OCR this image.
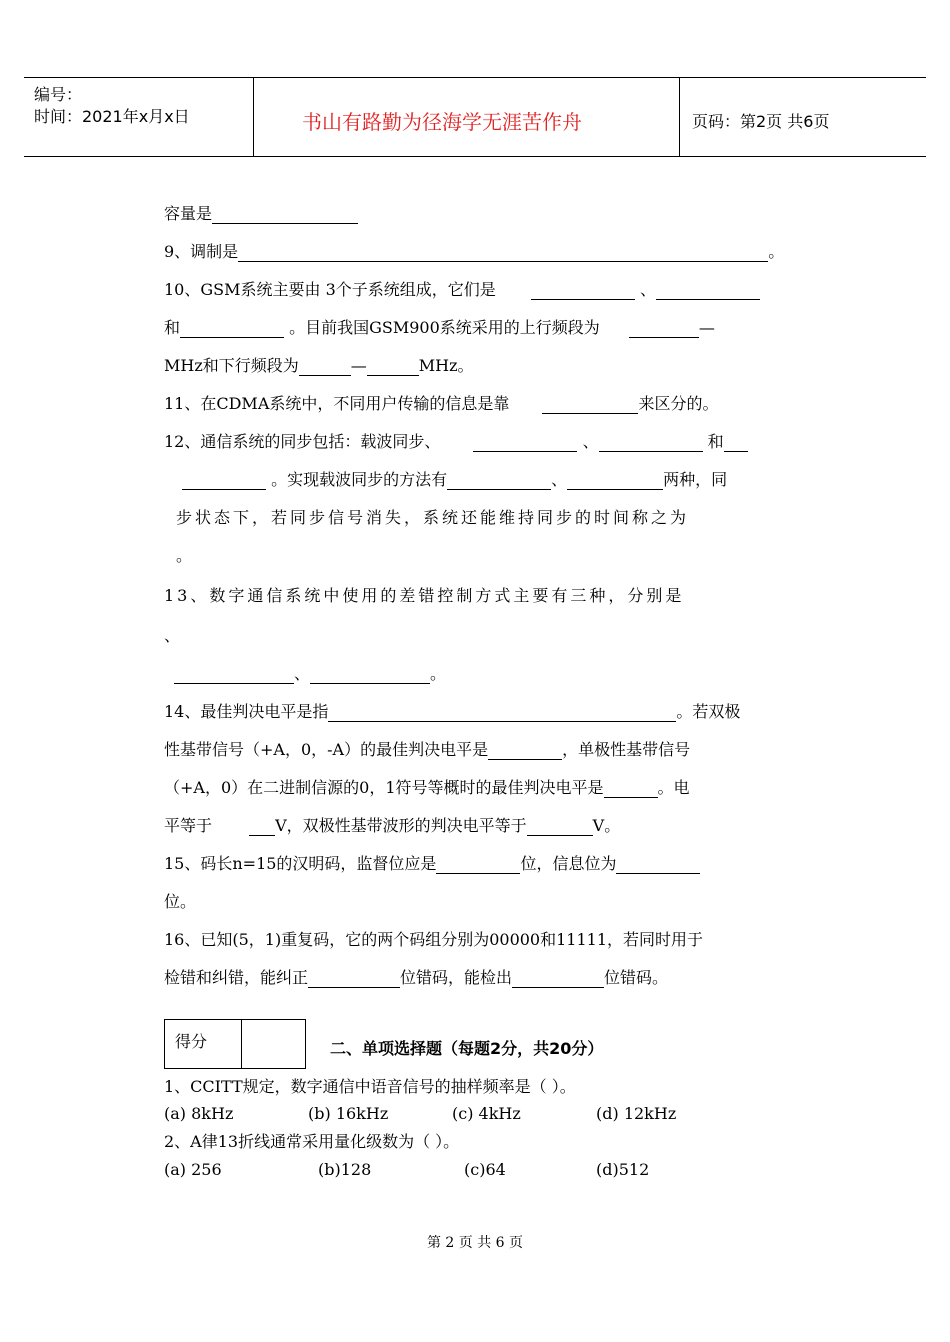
编号：
时间：2021年x月x日	书山有路勤为径海学无涯苦作舟	页码：第2页 共6页
容量是
9、调制是	。
10、GSM系统主要由 3个子系统组成，它们是	、
和	。目前我国GSM900系统采用的上行频段为	—
MHz和下行频段为	—	MHz。
11、在CDMA系统中，不同用户传输的信息是靠	来区分的。
12、通信系统的同步包括：载波同步、	、	和
。实现载波同步的方法有	、	两种，同
步状态下，若同步信号消失，系统还能维持同步的时间称之为
。
13、数字通信系统中使用的差错控制方式主要有三种，分别是
、
、	。
14、最佳判决电平是指	。若双极
性基带信号（+A，0，-A）的最佳判决电平是	，单极性基带信号
（+A，0）在二进制信源的0，1符号等概时的最佳判决电平是	。电
平等于	V，双极性基带波形的判决电平等于	V。
15、码长n=15的汉明码，监督位应是	位，信息位为
位。
16、已知(5，1)重复码，它的两个码组分别为00000和11111，若同时用于
检错和纠错，能纠正	位错码，能检出	位错码。
得分	二、单项选择题（每题2分，共20分）
1、CCITT规定，数字通信中语音信号的抽样频率是（ ）。
(a) 8kHz	(b) 16kHz	(c) 4kHz	(d) 12kHz
2、A律13折线通常采用量化级数为（ ）。
(a) 256	(b)128	(c)64	(d)512
第 2 页 共 6 页
